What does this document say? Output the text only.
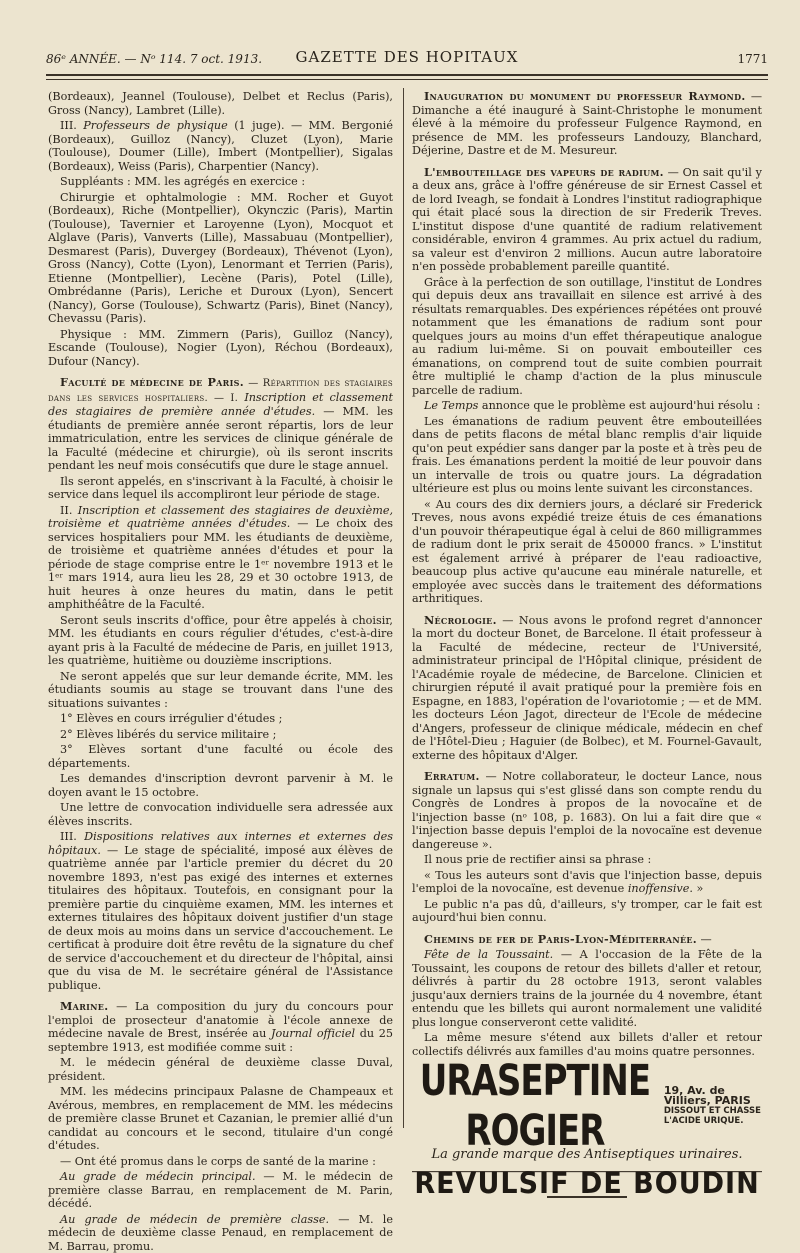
86ᵉ ANNÉE. — Nᵒ 114. 7 oct. 1913.	GAZETTE DES HOPITAUX	1771

(Bordeaux), Jeannel (Toulouse), Delbet et Reclus (Paris), Gross (Nancy), Lambret (Lille).

III. Professeurs de physique (1 juge). — MM. Bergonié (Bordeaux), Guilloz (Nancy), Cluzet (Lyon), Marie (Toulouse), Doumer (Lille), Imbert (Montpellier), Sigalas (Bordeaux), Weiss (Paris), Charpentier (Nancy).

Suppléants : MM. les agrégés en exercice :

Chirurgie et ophtalmologie : MM. Rocher et Guyot (Bordeaux), Riche (Montpellier), Okynczic (Paris), Martin (Toulouse), Tavernier et Laroyenne (Lyon), Mocquot et Alglave (Paris), Vanverts (Lille), Massabuau (Montpellier), Desmarest (Paris), Duvergey (Bordeaux), Thévenot (Lyon), Gross (Nancy), Cotte (Lyon), Lenormant et Terrien (Paris), Etienne (Montpellier), Lecène (Paris), Potel (Lille), Ombrédanne (Paris), Leriche et Duroux (Lyon), Sencert (Nancy), Gorse (Toulouse), Schwartz (Paris), Binet (Nancy), Chevassu (Paris).

Physique : MM. Zimmern (Paris), Guilloz (Nancy), Escande (Toulouse), Nogier (Lyon), Réchou (Bordeaux), Dufour (Nancy).

Faculté de médecine de Paris. — Répartition des stagiaires dans les services hospitaliers. — I. Inscription et classement des stagiaires de première année d'études. — MM. les étudiants de première année seront répartis, lors de leur immatriculation, entre les services de clinique générale de la Faculté (médecine et chirurgie), où ils seront inscrits pendant les neuf mois consécutifs que dure le stage annuel.

Ils seront appelés, en s'inscrivant à la Faculté, à choisir le service dans lequel ils accompliront leur période de stage.

II. Inscription et classement des stagiaires de deuxième, troisième et quatrième années d'études. — Le choix des services hospitaliers pour MM. les étudiants de deuxième, de troisième et quatrième années d'études et pour la période de stage comprise entre le 1ᵉʳ novembre 1913 et le 1ᵉʳ mars 1914, aura lieu les 28, 29 et 30 octobre 1913, de huit heures à onze heures du matin, dans le petit amphithéâtre de la Faculté.

Seront seuls inscrits d'office, pour être appelés à choisir, MM. les étudiants en cours régulier d'études, c'est-à-dire ayant pris à la Faculté de médecine de Paris, en juillet 1913, les quatrième, huitième ou douzième inscriptions.

Ne seront appelés que sur leur demande écrite, MM. les étudiants soumis au stage se trouvant dans l'une des situations suivantes :

1° Elèves en cours irrégulier d'études ;

2° Elèves libérés du service militaire ;

3° Elèves sortant d'une faculté ou école des départements.

Les demandes d'inscription devront parvenir à M. le doyen avant le 15 octobre.

Une lettre de convocation individuelle sera adressée aux élèves inscrits.

III. Dispositions relatives aux internes et externes des hôpitaux. — Le stage de spécialité, imposé aux élèves de quatrième année par l'article premier du décret du 20 novembre 1893, n'est pas exigé des internes et externes titulaires des hôpitaux. Toutefois, en consignant pour la première partie du cinquième examen, MM. les internes et externes titulaires des hôpitaux doivent justifier d'un stage de deux mois au moins dans un service d'accouchement. Le certificat à produire doit être revêtu de la signature du chef de service d'accouchement et du directeur de l'hôpital, ainsi que du visa de M. le secrétaire général de l'Assistance publique.

Marine. — La composition du jury du concours pour l'emploi de prosecteur d'anatomie à l'école annexe de médecine navale de Brest, insérée au Journal officiel du 25 septembre 1913, est modifiée comme suit :

M. le médecin général de deuxième classe Duval, président.

MM. les médecins principaux Palasne de Champeaux et Avérous, membres, en remplacement de MM. les médecins de première classe Brunet et Cazanian, le premier allié d'un candidat au concours et le second, titulaire d'un congé d'études.

— Ont été promus dans le corps de santé de la marine :

Au grade de médecin principal. — M. le médecin de première classe Barrau, en remplacement de M. Parin, décédé.

Au grade de médecin de première classe. — M. le médecin de deuxième classe Penaud, en remplacement de M. Barrau, promu.

Inauguration du monument du professeur Raymond. — Dimanche a été inauguré à Saint-Christophe le monument élevé à la mémoire du professeur Fulgence Raymond, en présence de MM. les professeurs Landouzy, Blanchard, Déjerine, Dastre et de M. Mesureur.

L'embouteillage des vapeurs de radium. — On sait qu'il y a deux ans, grâce à l'offre généreuse de sir Ernest Cassel et de lord Iveagh, se fondait à Londres l'institut radiographique qui était placé sous la direction de sir Frederik Treves. L'institut dispose d'une quantité de radium relativement considérable, environ 4 grammes. Au prix actuel du radium, sa valeur est d'environ 2 millions. Aucun autre laboratoire n'en possède probablement pareille quantité.

Grâce à la perfection de son outillage, l'institut de Londres qui depuis deux ans travaillait en silence est arrivé à des résultats remarquables. Des expériences répétées ont prouvé notamment que les émanations de radium sont pour quelques jours au moins d'un effet thérapeutique analogue au radium lui-même. Si on pouvait embouteiller ces émanations, on comprend tout de suite combien pourrait être multiplié le champ d'action de la plus minuscule parcelle de radium.

Le Temps annonce que le problème est aujourd'hui résolu :

Les émanations de radium peuvent être embouteillées dans de petits flacons de métal blanc remplis d'air liquide qu'on peut expédier sans danger par la poste et à très peu de frais. Les émanations perdent la moitié de leur pouvoir dans un intervalle de trois ou quatre jours. La dégradation ultérieure est plus ou moins lente suivant les circonstances.

« Au cours des dix derniers jours, a déclaré sir Frederick Treves, nous avons expédié treize étuis de ces émanations d'un pouvoir thérapeutique égal à celui de 860 milligrammes de radium dont le prix serait de 450000 francs. » L'institut est également arrivé à préparer de l'eau radioactive, beaucoup plus active qu'aucune eau minérale naturelle, et employée avec succès dans le traitement des déformations arthritiques.

Nécrologie. — Nous avons le profond regret d'annoncer la mort du docteur Bonet, de Barcelone. Il était professeur à la Faculté de médecine, recteur de l'Université, administrateur principal de l'Hôpital clinique, président de l'Académie royale de médecine, de Barcelone. Clinicien et chirurgien réputé il avait pratiqué pour la première fois en Espagne, en 1883, l'opération de l'ovariotomie ; — et de MM. les docteurs Léon Jagot, directeur de l'Ecole de médecine d'Angers, professeur de clinique médicale, médecin en chef de l'Hôtel-Dieu ; Haguier (de Bolbec), et M. Fournel-Gavault, externe des hôpitaux d'Alger.

Erratum. — Notre collaborateur, le docteur Lance, nous signale un lapsus qui s'est glissé dans son compte rendu du Congrès de Londres à propos de la novocaïne et de l'injection basse (nᵒ 108, p. 1683). On lui a fait dire que « l'injection basse depuis l'emploi de la novocaïne est devenue dangereuse ».

Il nous prie de rectifier ainsi sa phrase :

« Tous les auteurs sont d'avis que l'injection basse, depuis l'emploi de la novocaïne, est devenue inoffensive. »

Le public n'a pas dû, d'ailleurs, s'y tromper, car le fait est aujourd'hui bien connu.

Chemins de fer de Paris-Lyon-Méditerranée. —

Fête de la Toussaint. — A l'occasion de la Fête de la Toussaint, les coupons de retour des billets d'aller et retour, délivrés à partir du 28 octobre 1913, seront valables jusqu'aux derniers trains de la journée du 4 novembre, étant entendu que les billets qui auront normalement une validité plus longue conserveront cette validité.

La même mesure s'étend aux billets d'aller et retour collectifs délivrés aux familles d'au moins quatre personnes.

URASEPTINE ROGIER
19, Av. de Villiers, PARIS
DISSOUT ET CHASSE
L'ACIDE URIQUE.
La grande marque des Antiseptiques urinaires.
REVULSIF DE BOUDIN
